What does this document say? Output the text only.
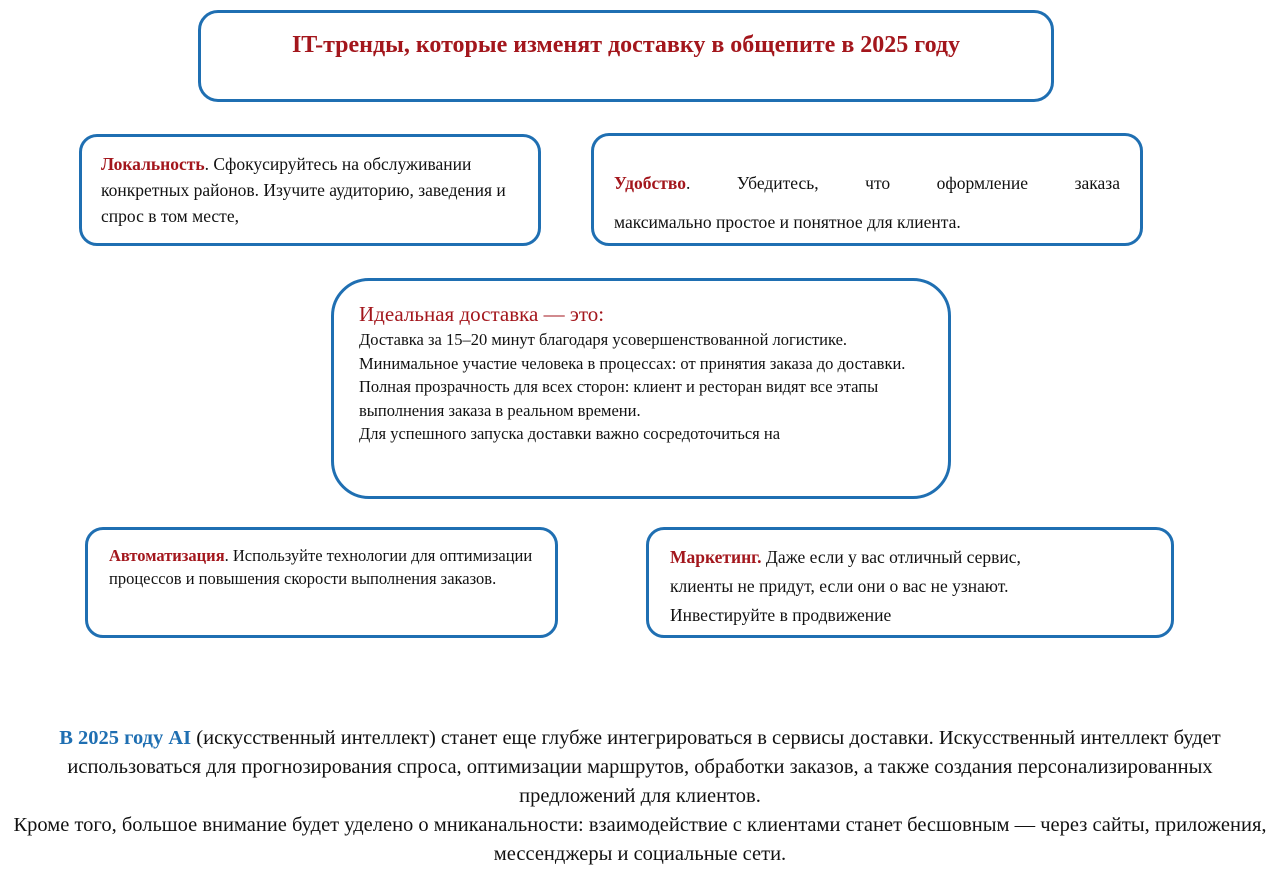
IT-тренды, которые изменят доставку в общепите в 2025 году
Локальность. Сфокусируйтесь на обслуживании конкретных районов. Изучите аудиторию, заведения и спрос в том месте,
Удобство.	Убедитесь,	что	оформление	заказа
максимально простое и понятное для клиента.
Идеальная доставка — это:

Доставка за 15–20 минут благодаря усовершенствованной логистике.

Минимальное участие человека в процессах: от принятия заказа до доставки.

Полная прозрачность для всех сторон: клиент и ресторан видят все этапы выполнения заказа в реальном времени.

Для успешного запуска доставки важно сосредоточиться на

Автоматизация. Используйте технологии для оптимизации процессов и повышения скорости выполнения заказов.
Маркетинг. Даже если у вас отличный сервис,
клиенты не придут, если они о вас не узнают.
Инвестируйте в продвижение

В 2025 году AI (искусственный интеллект) станет еще глубже интегрироваться в сервисы доставки. Искусственный интеллект будет использоваться для прогнозирования спроса, оптимизации маршрутов, обработки заказов, а также создания персонализированных предложений для клиентов.

Кроме того, большое внимание будет уделено о мниканальности: взаимодействие с клиентами станет бесшовным — через сайты, приложения, мессенджеры и социальные сети.
